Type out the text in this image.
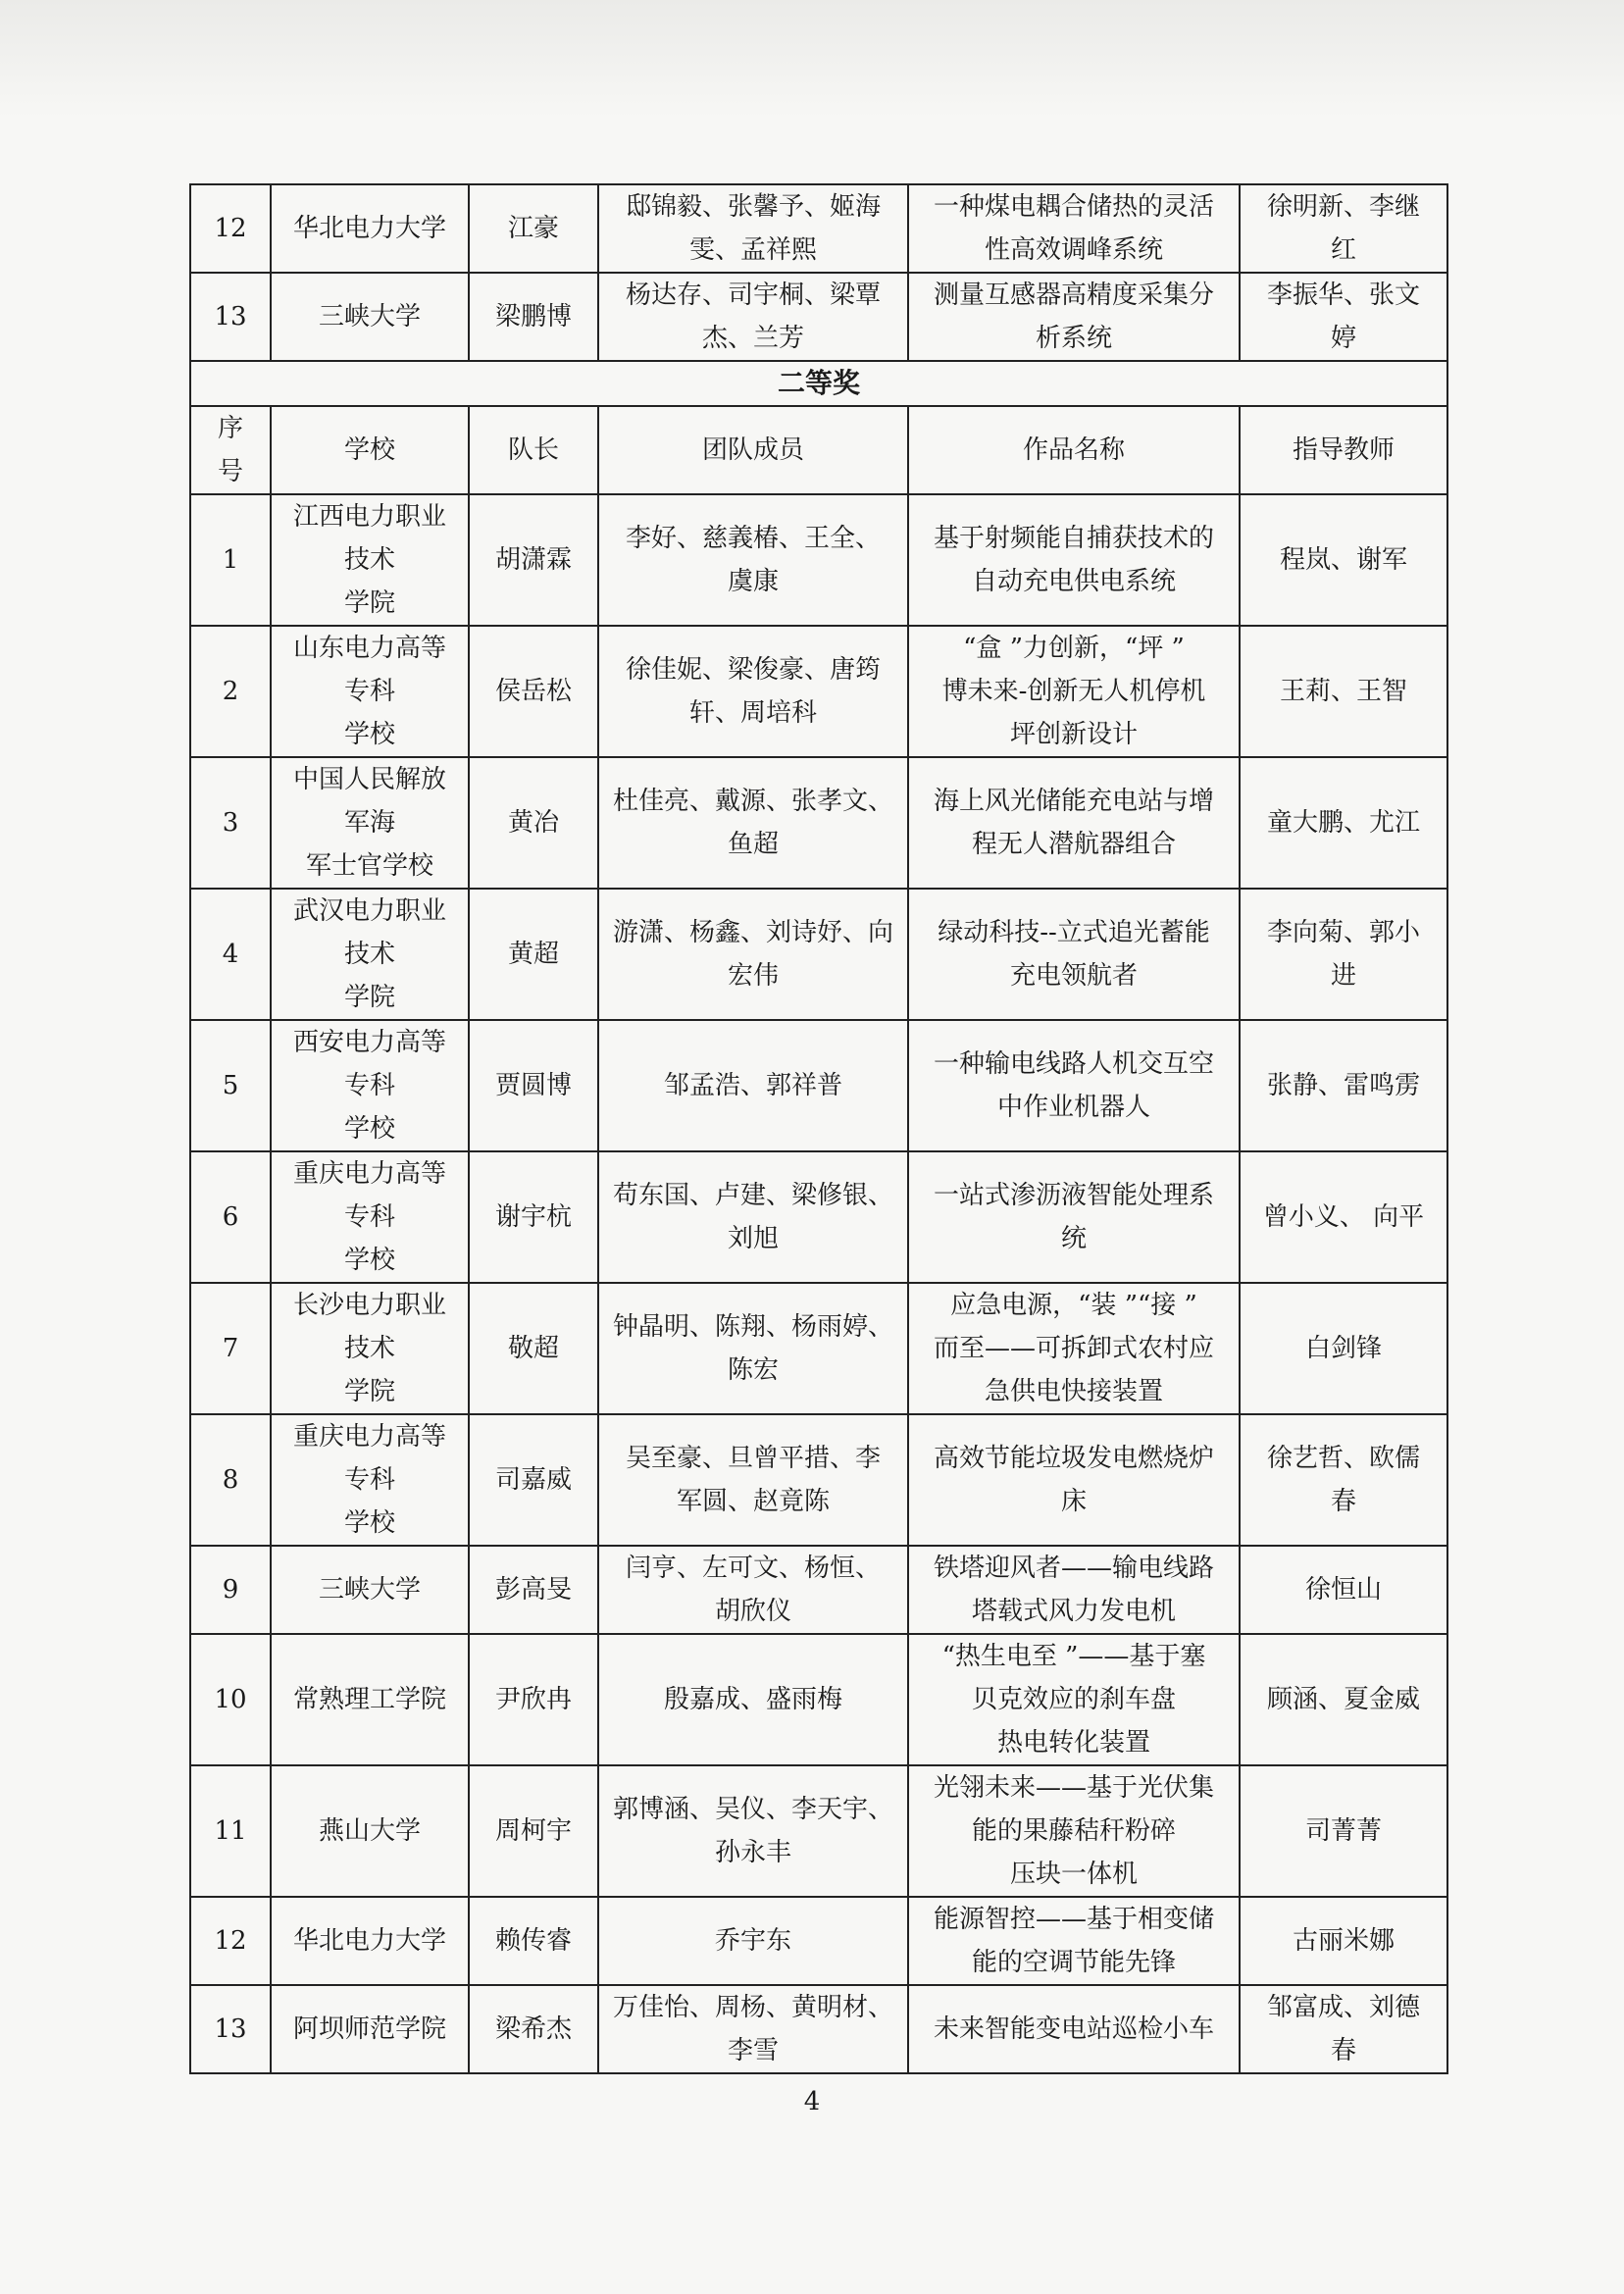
12	华北电力大学	江豪	邸锦毅、张馨予、姬海
雯、孟祥熙	一种煤电耦合储热的灵活
性高效调峰系统	徐明新、李继
红

13	三峡大学	梁鹏博	杨达存、司宇桐、梁覃
杰、兰芳	测量互感器高精度采集分
析系统	李振华、张文
婷

二等奖					

序
号	学校	队长	团队成员	作品名称	指导教师
1	江西电力职业
技术
学院	胡潇霖	李好、慈義椿、王全、
虞康	基于射频能自捕获技术的
自动充电供电系统	程岚、谢军

2	山东电力高等
专科
学校	侯岳松	徐佳妮、梁俊豪、唐筠
轩、周培科	“盒 ”力创新，“坪 ”
博未来-创新无人机停机
坪创新设计	王莉、王智

3	中国人民解放
军海
军士官学校	黄冶	杜佳亮、戴源、张孝文、
鱼超	海上风光储能充电站与增
程无人潜航器组合	童大鹏、尤江

4	武汉电力职业
技术
学院	黄超	游潇、杨鑫、刘诗妤、向
宏伟	绿动科技--立式追光蓄能
充电领航者	李向菊、郭小
进

5	西安电力高等
专科
学校	贾圆博	邹孟浩、郭祥普	一种输电线路人机交互空
中作业机器人	张静、雷鸣雳

6	重庆电力高等
专科
学校	谢宇杭	苟东国、卢建、梁修银、
刘旭	一站式渗沥液智能处理系
统	曾小义、 向平

7	长沙电力职业
技术
学院	敬超	钟晶明、陈翔、杨雨婷、
陈宏	应急电源，“装 ”“接 ”
而至——可拆卸式农村应
急供电快接装置	白剑锋

8	重庆电力高等
专科
学校	司嘉威	吴至豪、旦曾平措、李
军圆、赵竟陈	高效节能垃圾发电燃烧炉
床	徐艺哲、欧儒
春

9	三峡大学	彭高旻	闫亨、左可文、杨恒、
胡欣仪	铁塔迎风者——输电线路
塔载式风力发电机	徐恒山

10	常熟理工学院	尹欣冉	殷嘉成、盛雨梅	“热生电至 ”——基于塞
贝克效应的刹车盘
热电转化装置	顾涵、夏金威

11	燕山大学	周柯宇	郭博涵、吴仪、李天宇、
孙永丰	光翎未来——基于光伏集
能的果藤秸秆粉碎
压块一体机	司菁菁

12	华北电力大学	赖传睿	乔宇东	能源智控——基于相变储
能的空调节能先锋	古丽米娜

13	阿坝师范学院	梁希杰	万佳怡、周杨、黄明材、
李雪	未来智能变电站巡检小车	邹富成、刘德
春
4
